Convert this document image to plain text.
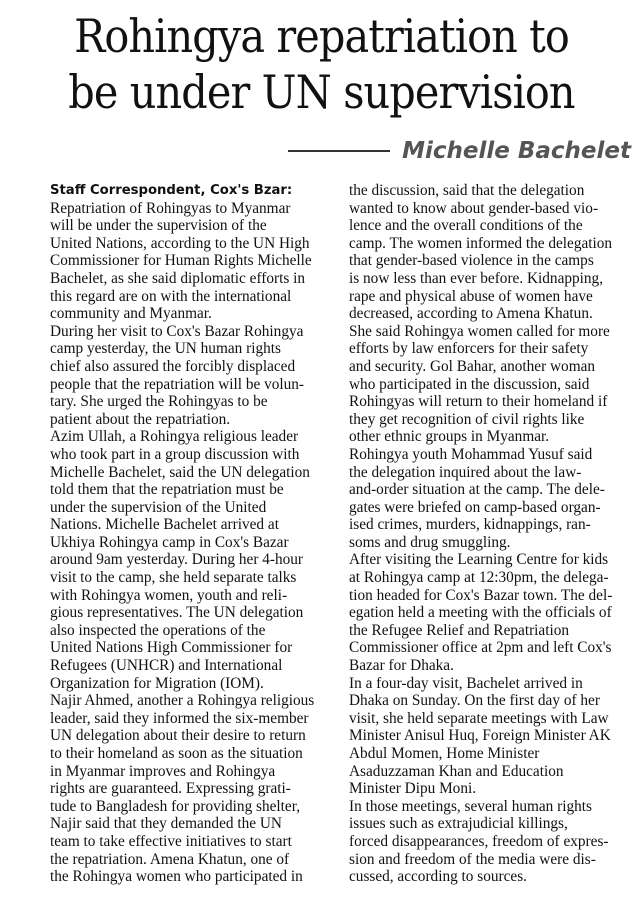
Rohingya repatriation to
be under UN supervision
Michelle Bachelet
Staff Correspondent, Cox's Bzar:
Repatriation of Rohingyas to Myanmar
will be under the supervision of the
United Nations, according to the UN High
Commissioner for Human Rights Michelle
Bachelet, as she said diplomatic efforts in
this regard are on with the international
community and Myanmar.
During her visit to Cox's Bazar Rohingya
camp yesterday, the UN human rights
chief also assured the forcibly displaced
people that the repatriation will be volun-
tary. She urged the Rohingyas to be
patient about the repatriation.
Azim Ullah, a Rohingya religious leader
who took part in a group discussion with
Michelle Bachelet, said the UN delegation
told them that the repatriation must be
under the supervision of the United
Nations. Michelle Bachelet arrived at
Ukhiya Rohingya camp in Cox's Bazar
around 9am yesterday. During her 4-hour
visit to the camp, she held separate talks
with Rohingya women, youth and reli-
gious representatives. The UN delegation
also inspected the operations of the
United Nations High Commissioner for
Refugees (UNHCR) and International
Organization for Migration (IOM).
Najir Ahmed, another a Rohingya religious
leader, said they informed the six-member
UN delegation about their desire to return
to their homeland as soon as the situation
in Myanmar improves and Rohingya
rights are guaranteed. Expressing grati-
tude to Bangladesh for providing shelter,
Najir said that they demanded the UN
team to take effective initiatives to start
the repatriation. Amena Khatun, one of
the Rohingya women who participated in
the discussion, said that the delegation
wanted to know about gender-based vio-
lence and the overall conditions of the
camp. The women informed the delegation
that gender-based violence in the camps
is now less than ever before. Kidnapping,
rape and physical abuse of women have
decreased, according to Amena Khatun.
She said Rohingya women called for more
efforts by law enforcers for their safety
and security. Gol Bahar, another woman
who participated in the discussion, said
Rohingyas will return to their homeland if
they get recognition of civil rights like
other ethnic groups in Myanmar.
Rohingya youth Mohammad Yusuf said
the delegation inquired about the law-
and-order situation at the camp. The dele-
gates were briefed on camp-based organ-
ised crimes, murders, kidnappings, ran-
soms and drug smuggling.
After visiting the Learning Centre for kids
at Rohingya camp at 12:30pm, the delega-
tion headed for Cox's Bazar town. The del-
egation held a meeting with the officials of
the Refugee Relief and Repatriation
Commissioner office at 2pm and left Cox's
Bazar for Dhaka.
In a four-day visit, Bachelet arrived in
Dhaka on Sunday. On the first day of her
visit, she held separate meetings with Law
Minister Anisul Huq, Foreign Minister AK
Abdul Momen, Home Minister
Asaduzzaman Khan and Education
Minister Dipu Moni.
In those meetings, several human rights
issues such as extrajudicial killings,
forced disappearances, freedom of expres-
sion and freedom of the media were dis-
cussed, according to sources.
